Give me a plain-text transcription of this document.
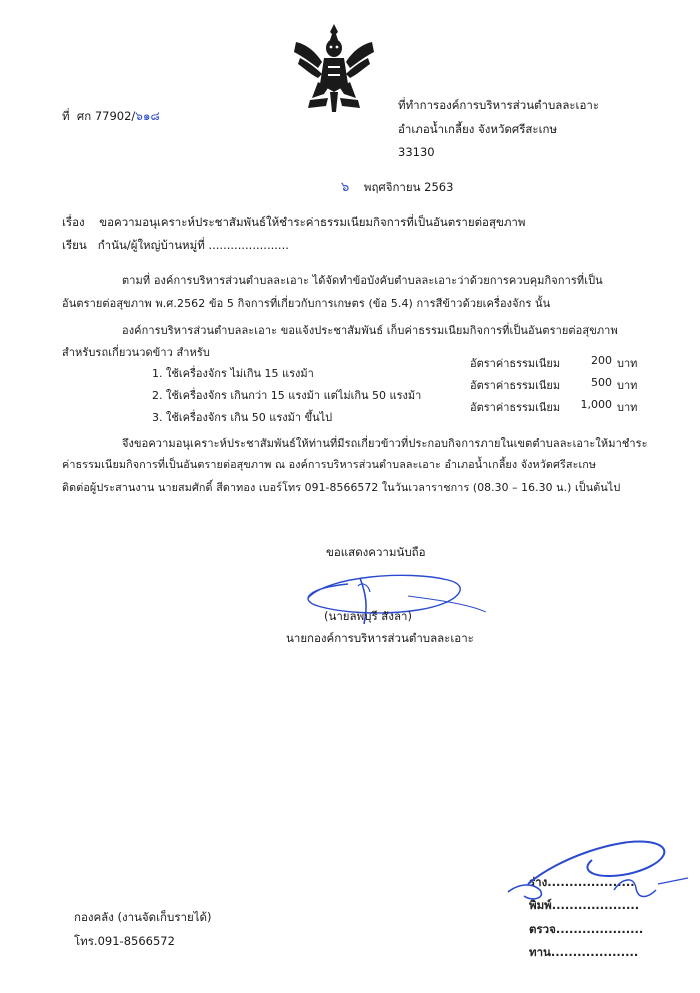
ที่ ศก 77902/๖๑๘
ที่ทำการองค์การบริหารส่วนตำบลละเอาะ
อำเภอน้ำเกลี้ยง จังหวัดศรีสะเกษ
33130
๖ พฤศจิกายน 2563
เรื่อง ขอความอนุเคราะห์ประชาสัมพันธ์ให้ชำระค่าธรรมเนียมกิจการที่เป็นอันตรายต่อสุขภาพ
เรียน กำนัน/ผู้ใหญ่บ้านหมู่ที่ ......................
ตามที่ องค์การบริหารส่วนตำบลละเอาะ ได้จัดทำข้อบังคับตำบลละเอาะว่าด้วยการควบคุมกิจการที่เป็น
อันตรายต่อสุขภาพ พ.ศ.2562 ข้อ 5 กิจการที่เกี่ยวกับการเกษตร (ข้อ 5.4) การสีข้าวด้วยเครื่องจักร นั้น
องค์การบริหารส่วนตำบลละเอาะ ขอแจ้งประชาสัมพันธ์ เก็บค่าธรรมเนียมกิจการที่เป็นอันตรายต่อสุขภาพ
สำหรับรถเกี่ยวนวดข้าว สำหรับ
1. ใช้เครื่องจักร ไม่เกิน 15 แรงม้า
อัตราค่าธรรมเนียม	200 บาท
2. ใช้เครื่องจักร เกินกว่า 15 แรงม้า แต่ไม่เกิน 50 แรงม้า
อัตราค่าธรรมเนียม	500 บาท
3. ใช้เครื่องจักร เกิน 50 แรงม้า ขึ้นไป
อัตราค่าธรรมเนียม	1,000 บาท
จึงขอความอนุเคราะห์ประชาสัมพันธ์ให้ท่านที่มีรถเกี่ยวข้าวที่ประกอบกิจการภายในเขตตำบลละเอาะให้มาชำระ
ค่าธรรมเนียมกิจการที่เป็นอันตรายต่อสุขภาพ ณ องค์การบริหารส่วนตำบลละเอาะ อำเภอน้ำเกลี้ยง จังหวัดศรีสะเกษ
ติดต่อผู้ประสานงาน นายสมศักดิ์ สีดาทอง เบอร์โทร 091-8566572 ในวันเวลาราชการ (08.30 – 16.30 น.) เป็นต้นไป
ขอแสดงความนับถือ
(นายลพบุรี สังลา)
นายกองค์การบริหารส่วนตำบลละเอาะ
กองคลัง (งานจัดเก็บรายได้)
โทร.091-8566572
ร่าง....................
พิมพ์....................
ตรวจ....................
ทาน....................
